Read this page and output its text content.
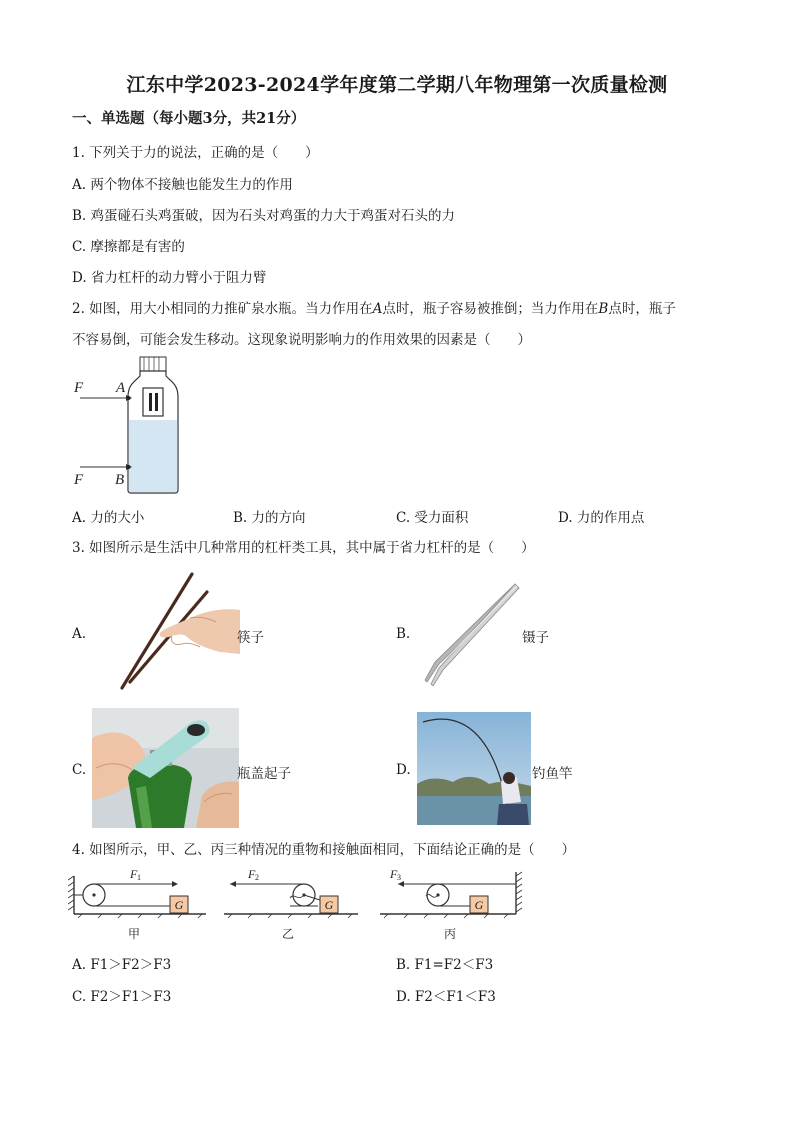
江东中学2023-2024学年度第二学期八年物理第一次质量检测
一、单选题（每小题3分，共21分）
1. 下列关于力的说法，正确的是（　　）
A. 两个物体不接触也能发生力的作用
B. 鸡蛋碰石头鸡蛋破，因为石头对鸡蛋的力大于鸡蛋对石头的力
C. 摩擦都是有害的
D. 省力杠杆的动力臂小于阻力臂
2. 如图，用大小相同的力推矿泉水瓶。当力作用在A点时，瓶子容易被推倒；当力作用在B点时，瓶子
不容易倒，可能会发生移动。这现象说明影响力的作用效果的因素是（　　）
F A
F B
A. 力的大小	B. 力的方向	C. 受力面积	D. 力的作用点
3. 如图所示是生活中几种常用的杠杆类工具，其中属于省力杠杆的是（　　）
A.	筷子	B.	镊子
C.	瓶盖起子	D.	钓鱼竿
4. 如图所示，甲、乙、丙三种情况的重物和接触面相同，下面结论正确的是（　　）
G
F 1
甲
G
F 2
乙
G
F 3
丙
A. F1＞F2＞F3	B. F1=F2＜F3
C. F2＞F1＞F3	D. F2＜F1＜F3
